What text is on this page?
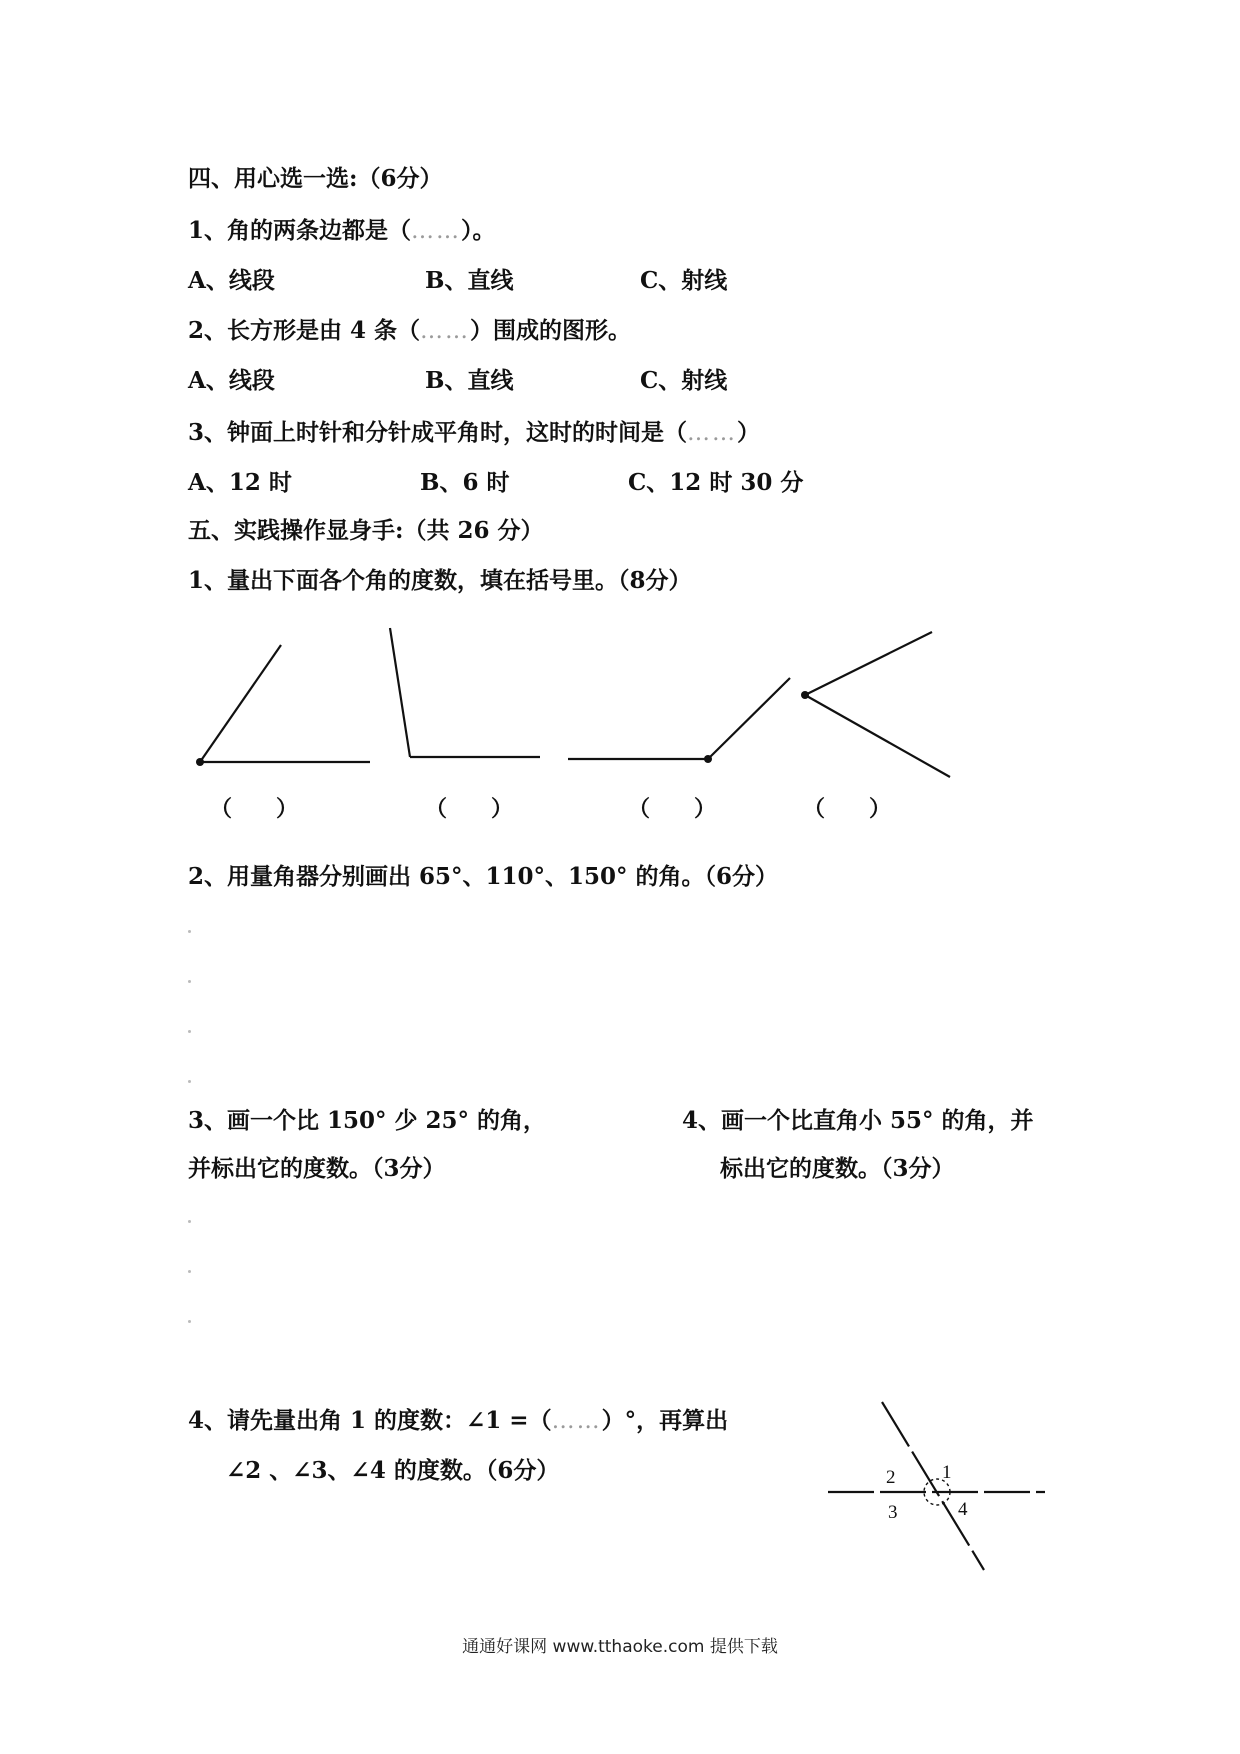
四、用心选一选:（6分）
1、角的两条边都是（……）。
A、线段	B、直线	C、射线
2、长方形是由 4 条（……）围成的图形。
A、线段	B、直线	C、射线
3、钟面上时针和分针成平角时，这时的时间是（……）
A、12 时	B、6 时	C、12 时 30 分
五、实践操作显身手:（共 26 分）
1、量出下面各个角的度数，填在括号里。（8分）
（　　）	（　　）	（　　）	（　　）
2、用量角器分别画出 65°、110°、150° 的角。（6分）
3、画一个比 150° 少 25° 的角，
并标出它的度数。（3分）
4、画一个比直角小 55° 的角，并
标出它的度数。（3分）
4、请先量出角 1 的度数：∠1 =（……）°，再算出
∠2 、∠3、∠4 的度数。（6分）	1
2
3	4
通通好课网 www.tthaoke.com 提供下载
